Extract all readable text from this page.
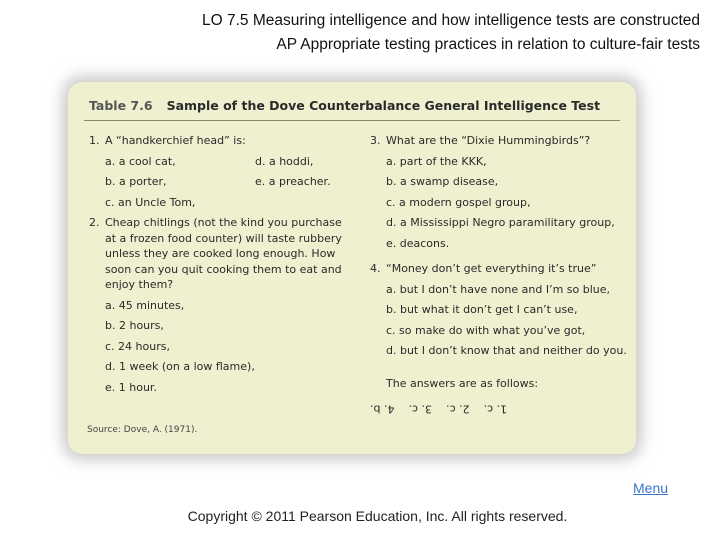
LO 7.5 Measuring intelligence and how intelligence tests are constructed
AP Appropriate testing practices in relation to culture-fair tests
Table 7.6 Sample of the Dove Counterbalance General Intelligence Test
1. A “handkerchief head” is:
a. a cool cat,	d. a hoddi,
b. a porter,	e. a preacher.
c. an Uncle Tom,
2. Cheap chitlings (not the kind you purchase
at a frozen food counter) will taste rubbery
unless they are cooked long enough. How
soon can you quit cooking them to eat and
enjoy them?
a. 45 minutes,
b. 2 hours,
c. 24 hours,
d. 1 week (on a low flame),
e. 1 hour.
3. What are the “Dixie Hummingbirds”?
a. part of the KKK,
b. a swamp disease,
c. a modern gospel group,
d. a Mississippi Negro paramilitary group,
e. deacons.
4. “Money don’t get everything it’s true”
a. but I don’t have none and I’m so blue,
b. but what it don’t get I can’t use,
c. so make do with what you’ve got,
d. but I don’t know that and neither do you.
The answers are as follows:
1. c.
2. c.
3. c.
4. b.
Source: Dove, A. (1971).
Menu
Copyright © 2011 Pearson Education, Inc. All rights reserved.
